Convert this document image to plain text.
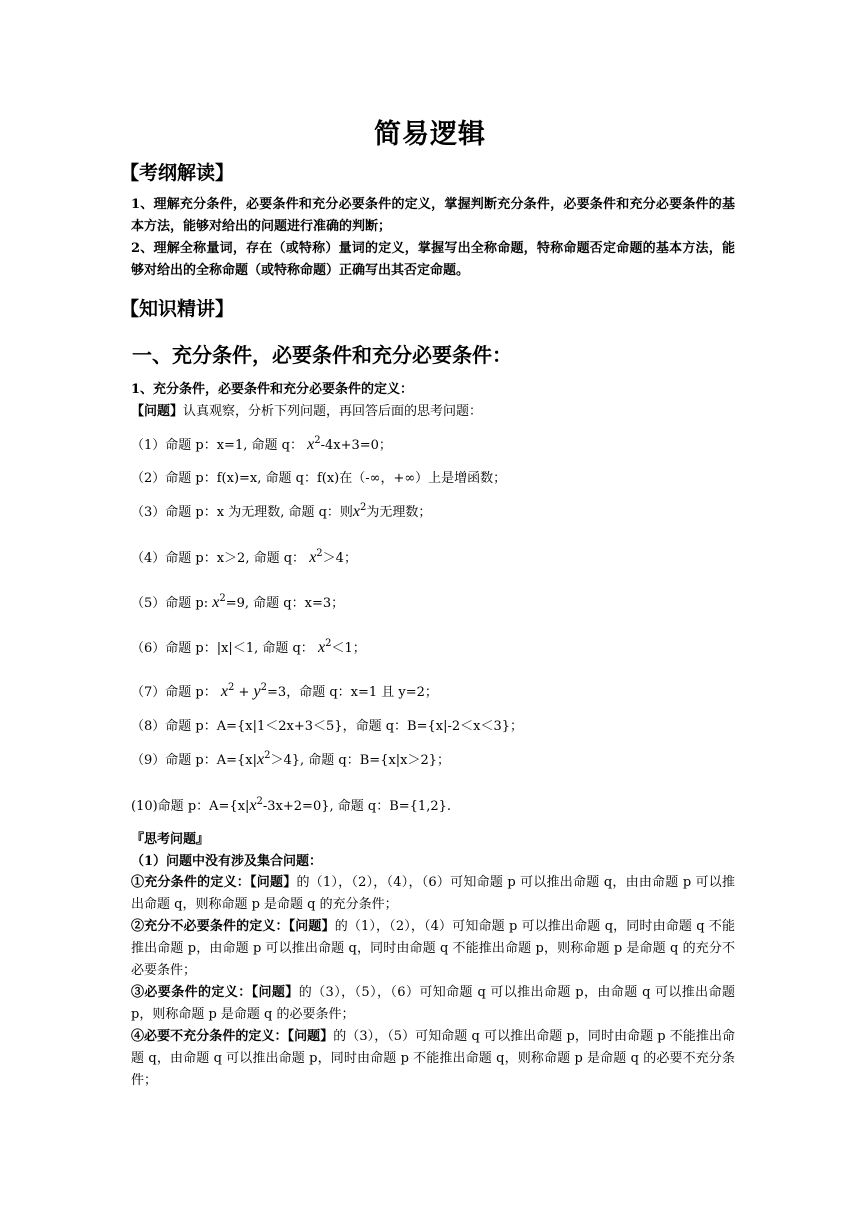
简易逻辑
【考纲解读】
1、理解充分条件，必要条件和充分必要条件的定义，掌握判断充分条件，必要条件和充分必要条件的基本方法，能够对给出的问题进行准确的判断；
2、理解全称量词，存在（或特称）量词的定义，掌握写出全称命题，特称命题否定命题的基本方法，能够对给出的全称命题（或特称命题）正确写出其否定命题。
【知识精讲】
一、充分条件，必要条件和充分必要条件：
1、充分条件，必要条件和充分必要条件的定义：
【问题】认真观察，分析下列问题，再回答后面的思考问题：
（1）命题 p：x=1, 命题 q： $x^2-4x+3=0$；
（2）命题 p：f(x)=x, 命题 q：f(x)在（-∞，+∞）上是增函数；
（3）命题 p：x 为无理数, 命题 q：则$x^2$为无理数；
（4）命题 p：x＞2, 命题 q： $x^2>4$；
（5）命题 p: $x^2=9$, 命题 q：x=3；
（6）命题 p：|x|＜1, 命题 q： $x^2<1$；
（7）命题 p： $x^2 + y^2=3$，命题 q：x=1 且 y=2；
（8）命题 p：A={x|1＜2x+3＜5}，命题 q：B={x|-2＜x＜3}；
（9）命题 p：$A=\{x|x^2>4\}$, 命题 q：B={x|x＞2}；
(10)命题 p：$A=\{x|x^2-3x+2=0\}$, 命题 q：B={1,2}.
『思考问题』
（1）问题中没有涉及集合问题：
①充分条件的定义：【问题】的（1），（2），（4），（6）可知命题 p 可以推出命题 q，由由命题 p 可以推出命题 q，则称命题 p 是命题 q 的充分条件；
②充分不必要条件的定义：【问题】的（1），（2），（4）可知命题 p 可以推出命题 q，同时由命题 q 不能推出命题 p，由命题 p 可以推出命题 q，同时由命题 q 不能推出命题 p，则称命题 p 是命题 q 的充分不必要条件；
③必要条件的定义：【问题】的（3），（5），（6）可知命题 q 可以推出命题 p，由命题 q 可以推出命题 p，则称命题 p 是命题 q 的必要条件；
④必要不充分条件的定义：【问题】的（3），（5）可知命题 q 可以推出命题 p，同时由命题 p 不能推出命题 q，由命题 q 可以推出命题 p，同时由命题 p 不能推出命题 q，则称命题 p 是命题 q 的必要不充分条件；
